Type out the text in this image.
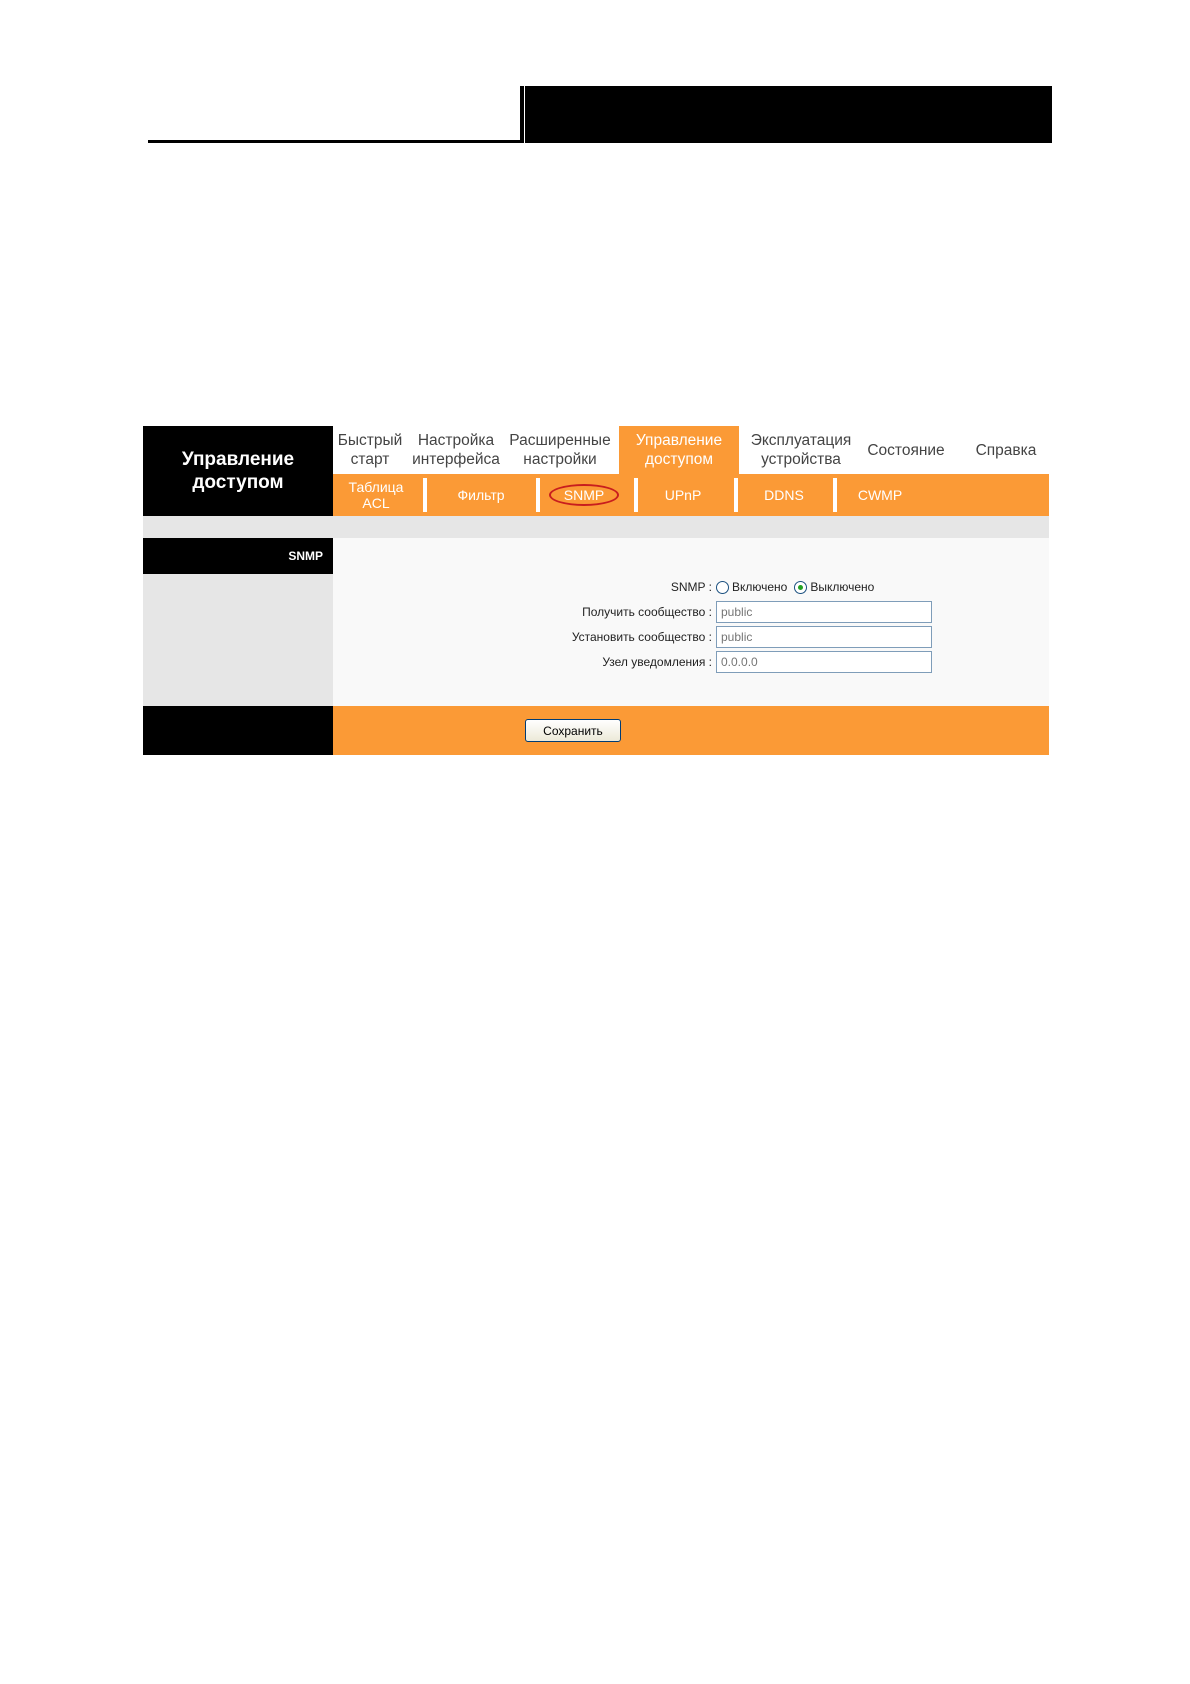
Управление
доступом
Быстрый
старт
Настройка
интерфейса
Расширенные
настройки
Управление
доступом
Эксплуатация
устройства
Состояние	Справка
Таблица
ACL	Фильтр	SNMP	UPnP	DDNS	CWMP
SNMP
SNMP : Включено Выключено
Получить сообщество :
public
Установить сообщество :
public
Узел уведомления :
0.0.0.0
Сохранить
